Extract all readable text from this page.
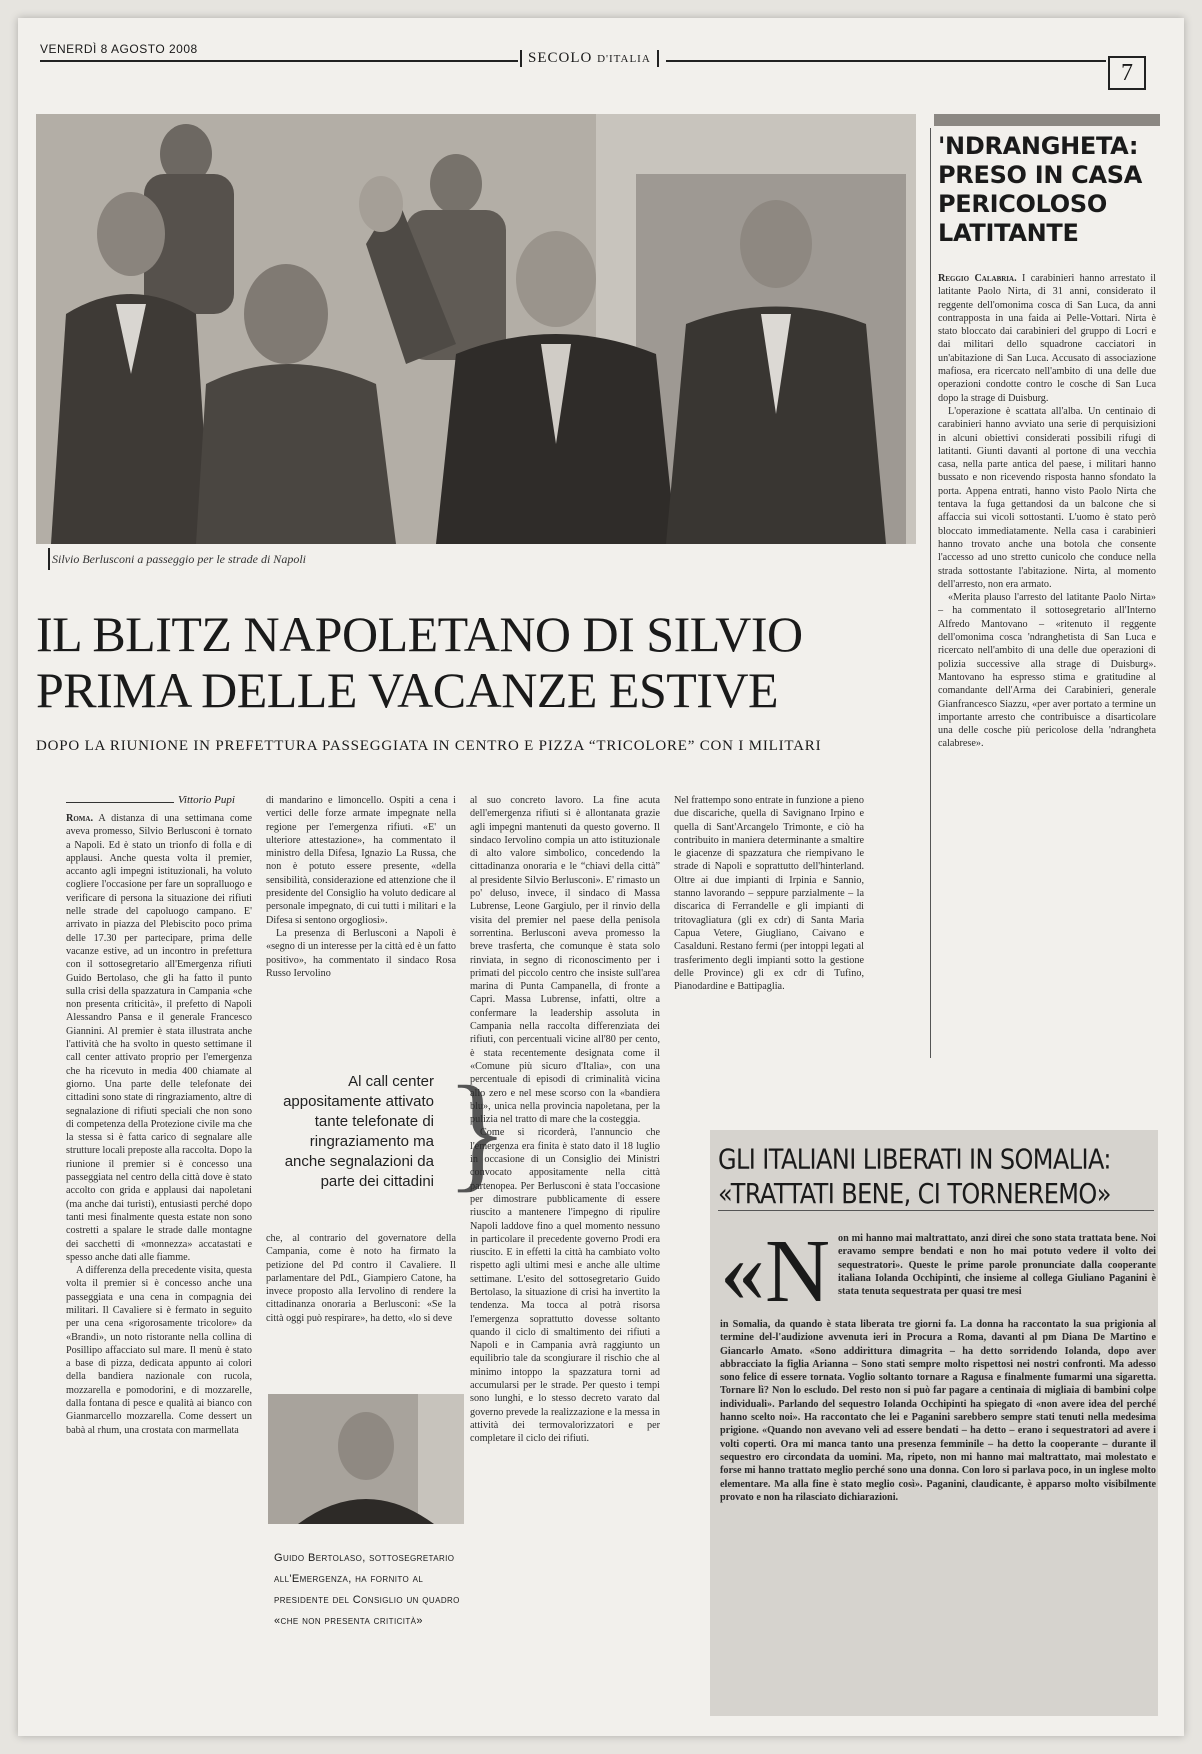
VENERDÌ 8 AGOSTO 2008
SECOLO D'ITALIA
7
Silvio Berlusconi a passeggio per le strade di Napoli
IL BLITZ NAPOLETANO DI SILVIO
PRIMA DELLE VACANZE ESTIVE
DOPO LA RIUNIONE IN PREFETTURA PASSEGGIATA IN CENTRO E PIZZA “TRICOLORE” CON I MILITARI
Vittorio Pupi
Roma. A distanza di una settimana come aveva promesso, Silvio Berlusconi è tornato a Napoli. Ed è stato un trionfo di folla e di applausi. Anche questa volta il premier, accanto agli impegni istituzionali, ha voluto cogliere l'occasione per fare un sopralluogo e verificare di persona la situazione dei rifiuti nelle strade del capoluogo campano. E' arrivato in piazza del Plebiscito poco prima delle 17.30 per partecipare, prima delle vacanze estive, ad un incontro in prefettura con il sottosegretario all'Emergenza rifiuti Guido Bertolaso, che gli ha fatto il punto sulla crisi della spazzatura in Campania «che non presenta criticità», il prefetto di Napoli Alessandro Pansa e il generale Francesco Giannini. Al premier è stata illustrata anche l'attività che ha svolto in questo settimane il call center attivato proprio per l'emergenza che ha ricevuto in media 400 chiamate al giorno. Una parte delle telefonate dei cittadini sono state di ringraziamento, altre di segnalazione di rifiuti speciali che non sono di competenza della Protezione civile ma che la stessa si è fatta carico di segnalare alle strutture locali preposte alla raccolta. Dopo la riunione il premier si è concesso una passeggiata nel centro della città dove è stato accolto con grida e applausi dai napoletani (ma anche dai turisti), entusiasti perché dopo tanti mesi finalmente questa estate non sono costretti a spalare le strade dalle montagne dei sacchetti di «monnezza» accatastati e spesso anche dati alle fiamme.

A differenza della precedente visita, questa volta il premier si è concesso anche una passeggiata e una cena in compagnia dei militari. Il Cavaliere si è fermato in seguito per una cena «rigorosamente tricolore» da «Brandi», un noto ristorante nella collina di Posillipo affacciato sul mare. Il menù è stato a base di pizza, dedicata appunto ai colori della bandiera nazionale con rucola, mozzarella e pomodorini, e di mozzarelle, dalla fontana di pesce e qualità ai bianco con Gianmarcello mozzarella. Come dessert un babà al rhum, una crostata con marmellata

di mandarino e limoncello. Ospiti a cena i vertici delle forze armate impegnate nella regione per l'emergenza rifiuti. «E' un ulteriore attestazione», ha commentato il ministro della Difesa, Ignazio La Russa, che non è potuto essere presente, «della sensibilità, considerazione ed attenzione che il presidente del Consiglio ha voluto dedicare al personale impegnato, di cui tutti i militari e la Difesa si sentono orgogliosi».

La presenza di Berlusconi a Napoli è «segno di un interesse per la città ed è un fatto positivo», ha commentato il sindaco Rosa Russo Iervolino

Al call center appositamente attivato tante telefonate di ringraziamento ma anche segnalazioni da parte dei cittadini }
che, al contrario del governatore della Campania, come è noto ha firmato la petizione del Pd contro il Cavaliere. Il parlamentare del PdL, Giampiero Catone, ha invece proposto alla Iervolino di rendere la cittadinanza onoraria a Berlusconi: «Se la città oggi può respirare», ha detto, «lo si deve
Guido Bertolaso, sottosegretario all'Emergenza, ha fornito al presidente del Consiglio un quadro «che non presenta criticità»
al suo concreto lavoro. La fine acuta dell'emergenza rifiuti si è allontanata grazie agli impegni mantenuti da questo governo. Il sindaco Iervolino compia un atto istituzionale di alto valore simbolico, concedendo la cittadinanza onoraria e le “chiavi della città” al presidente Silvio Berlusconi». E' rimasto un po' deluso, invece, il sindaco di Massa Lubrense, Leone Gargiulo, per il rinvio della visita del premier nel paese della penisola sorrentina. Berlusconi aveva promesso la breve trasferta, che comunque è stata solo rinviata, in segno di riconoscimento per i primati del piccolo centro che insiste sull'area marina di Punta Campanella, di fronte a Capri. Massa Lubrense, infatti, oltre a confermare la leadership assoluta in Campania nella raccolta differenziata dei rifiuti, con percentuali vicine all'80 per cento, è stata recentemente designata come il «Comune più sicuro d'Italia», con una percentuale di episodi di criminalità vicina allo zero e nel mese scorso con la «bandiera blu», unica nella provincia napoletana, per la pulizia nel tratto di mare che la costeggia.

Come si ricorderà, l'annuncio che l'emergenza era finita è stato dato il 18 luglio in occasione di un Consiglio dei Ministri convocato appositamente nella città partenopea. Per Berlusconi è stata l'occasione per dimostrare pubblicamente di essere riuscito a mantenere l'impegno di ripulire Napoli laddove fino a quel momento nessuno in particolare il precedente governo Prodi era riuscito. E in effetti la città ha cambiato volto rispetto agli ultimi mesi e anche alle ultime settimane. L'esito del sottosegretario Guido Bertolaso, la situazione di crisi ha invertito la tendenza. Ma tocca al potrà risorsa l'emergenza soprattutto dovesse soltanto quando il ciclo di smaltimento dei rifiuti a Napoli e in Campania avrà raggiunto un equilibrio tale da scongiurare il rischio che al minimo intoppo la spazzatura torni ad accumularsi per le strade. Per questo i tempi sono lunghi, e lo stesso decreto varato dal governo prevede la realizzazione e la messa in attività dei termovalorizzatori e per completare il ciclo dei rifiuti.

Nel frattempo sono entrate in funzione a pieno due discariche, quella di Savignano Irpino e quella di Sant'Arcangelo Trimonte, e ciò ha contribuito in maniera determinante a smaltire le giacenze di spazzatura che riempivano le strade di Napoli e soprattutto dell'hinterland. Oltre ai due impianti di Irpinia e Sannio, stanno lavorando – seppure parzialmente – la discarica di Ferrandelle e gli impianti di tritovagliatura (gli ex cdr) di Santa Maria Capua Vetere, Giugliano, Caivano e Casalduni. Restano fermi (per intoppi legati al trasferimento degli impianti sotto la gestione delle Province) gli ex cdr di Tufino, Pianodardine e Battipaglia.
'NDRANGHETA: PRESO IN CASA PERICOLOSO LATITANTE
Reggio Calabria. I carabinieri hanno arrestato il latitante Paolo Nirta, di 31 anni, considerato il reggente dell'omonima cosca di San Luca, da anni contrapposta in una faida ai Pelle-Vottari. Nirta è stato bloccato dai carabinieri del gruppo di Locri e dai militari dello squadrone cacciatori in un'abitazione di San Luca. Accusato di associazione mafiosa, era ricercato nell'ambito di una delle due operazioni condotte contro le cosche di San Luca dopo la strage di Duisburg.

L'operazione è scattata all'alba. Un centinaio di carabinieri hanno avviato una serie di perquisizioni in alcuni obiettivi considerati possibili rifugi di latitanti. Giunti davanti al portone di una vecchia casa, nella parte antica del paese, i militari hanno bussato e non ricevendo risposta hanno sfondato la porta. Appena entrati, hanno visto Paolo Nirta che tentava la fuga gettandosi da un balcone che si affaccia sui vicoli sottostanti. L'uomo è stato però bloccato immediatamente. Nella casa i carabinieri hanno trovato anche una botola che consente l'accesso ad uno stretto cunicolo che conduce nella strada sottostante l'abitazione. Nirta, al momento dell'arresto, non era armato.

«Merita plauso l'arresto del latitante Paolo Nirta» – ha commentato il sottosegretario all'Interno Alfredo Mantovano – «ritenuto il reggente dell'omonima cosca 'ndranghetista di San Luca e ricercato nell'ambito di una delle due operazioni di polizia successive alla strage di Duisburg». Mantovano ha espresso stima e gratitudine al comandante dell'Arma dei Carabinieri, generale Gianfrancesco Siazzu, «per aver portato a termine un importante arresto che contribuisce a disarticolare una delle cosche più pericolose della 'ndrangheta calabrese».

GLI ITALIANI LIBERATI IN SOMALIA:
«TRATTATI BENE, CI TORNEREMO»
«N on mi hanno mai maltrattato, anzi direi che sono stata trattata bene. Noi eravamo sempre bendati e non ho mai potuto vedere il volto dei sequestratori». Queste le prime parole pronunciate dalla cooperante italiana Iolanda Occhipinti, che insieme al collega Giuliano Paganini è stata tenuta sequestrata per quasi tre mesi
in Somalia, da quando è stata liberata tre giorni fa. La donna ha raccontato la sua prigionia al termine del-l'audizione avvenuta ieri in Procura a Roma, davanti al pm Diana De Martino e Giancarlo Amato. «Sono addirittura dimagrita – ha detto sorridendo Iolanda, dopo aver abbracciato la figlia Arianna – Sono stati sempre molto rispettosi nei nostri confronti. Ma adesso sono felice di essere tornata. Voglio soltanto tornare a Ragusa e finalmente fumarmi una sigaretta. Tornare lì? Non lo escludo. Del resto non si può far pagare a centinaia di migliaia di bambini colpe individuali». Parlando del sequestro Iolanda Occhipinti ha spiegato di «non avere idea del perché hanno scelto noi». Ha raccontato che lei e Paganini sarebbero sempre stati tenuti nella medesima prigione. «Quando non avevano veli ad essere bendati – ha detto – erano i sequestratori ad avere i volti coperti. Ora mi manca tanto una presenza femminile – ha detto la cooperante – durante il sequestro ero circondata da uomini. Ma, ripeto, non mi hanno mai maltrattato, mai molestato e forse mi hanno trattato meglio perché sono una donna. Con loro si parlava poco, in un inglese molto elementare. Ma alla fine è stato meglio così». Paganini, claudicante, è apparso molto visibilmente provato e non ha rilasciato dichiarazioni.
